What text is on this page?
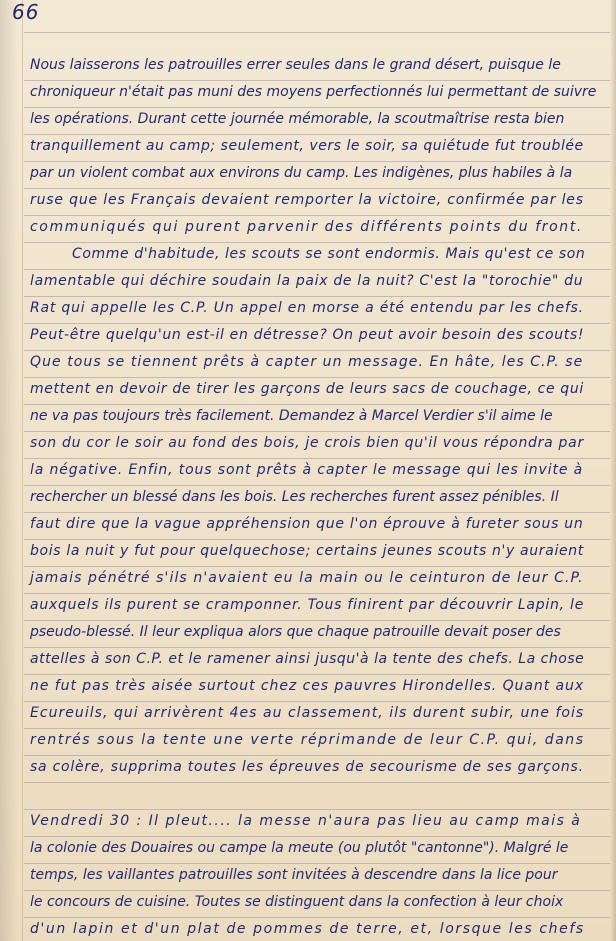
66
Nous laisserons les patrouilles errer seules dans le grand désert, puisque le
chroniqueur n'était pas muni des moyens perfectionnés lui permettant de suivre
les opérations. Durant cette journée mémorable, la scoutmaîtrise resta bien
tranquillement au camp; seulement, vers le soir, sa quiétude fut troublée
par un violent combat aux environs du camp. Les indigènes, plus habiles à la
ruse que les Français devaient remporter la victoire, confirmée par les
communiqués qui purent parvenir des différents points du front.
Comme d'habitude, les scouts se sont endormis. Mais qu'est ce son
lamentable qui déchire soudain la paix de la nuit? C'est la "torochie" du
Rat qui appelle les C.P. Un appel en morse a été entendu par les chefs.
Peut-être quelqu'un est-il en détresse? On peut avoir besoin des scouts!
Que tous se tiennent prêts à capter un message. En hâte, les C.P. se
mettent en devoir de tirer les garçons de leurs sacs de couchage, ce qui
ne va pas toujours très facilement. Demandez à Marcel Verdier s'il aime le
son du cor le soir au fond des bois, je crois bien qu'il vous répondra par
la négative. Enfin, tous sont prêts à capter le message qui les invite à
rechercher un blessé dans les bois. Les recherches furent assez pénibles. Il
faut dire que la vague appréhension que l'on éprouve à fureter sous un
bois la nuit y fut pour quelquechose; certains jeunes scouts n'y auraient
jamais pénétré s'ils n'avaient eu la main ou le ceinturon de leur C.P.
auxquels ils purent se cramponner. Tous finirent par découvrir Lapin, le
pseudo-blessé. Il leur expliqua alors que chaque patrouille devait poser des
attelles à son C.P. et le ramener ainsi jusqu'à la tente des chefs. La chose
ne fut pas très aisée surtout chez ces pauvres Hirondelles. Quant aux
Ecureuils, qui arrivèrent 4es au classement, ils durent subir, une fois
rentrés sous la tente une verte réprimande de leur C.P. qui, dans
sa colère, supprima toutes les épreuves de secourisme de ses garçons.
Vendredi 30 : Il pleut.... la messe n'aura pas lieu au camp mais à
la colonie des Douaires ou campe la meute (ou plutôt "cantonne"). Malgré le
temps, les vaillantes patrouilles sont invitées à descendre dans la lice pour
le concours de cuisine. Toutes se distinguent dans la confection à leur choix
d'un lapin et d'un plat de pommes de terre, et, lorsque les chefs
